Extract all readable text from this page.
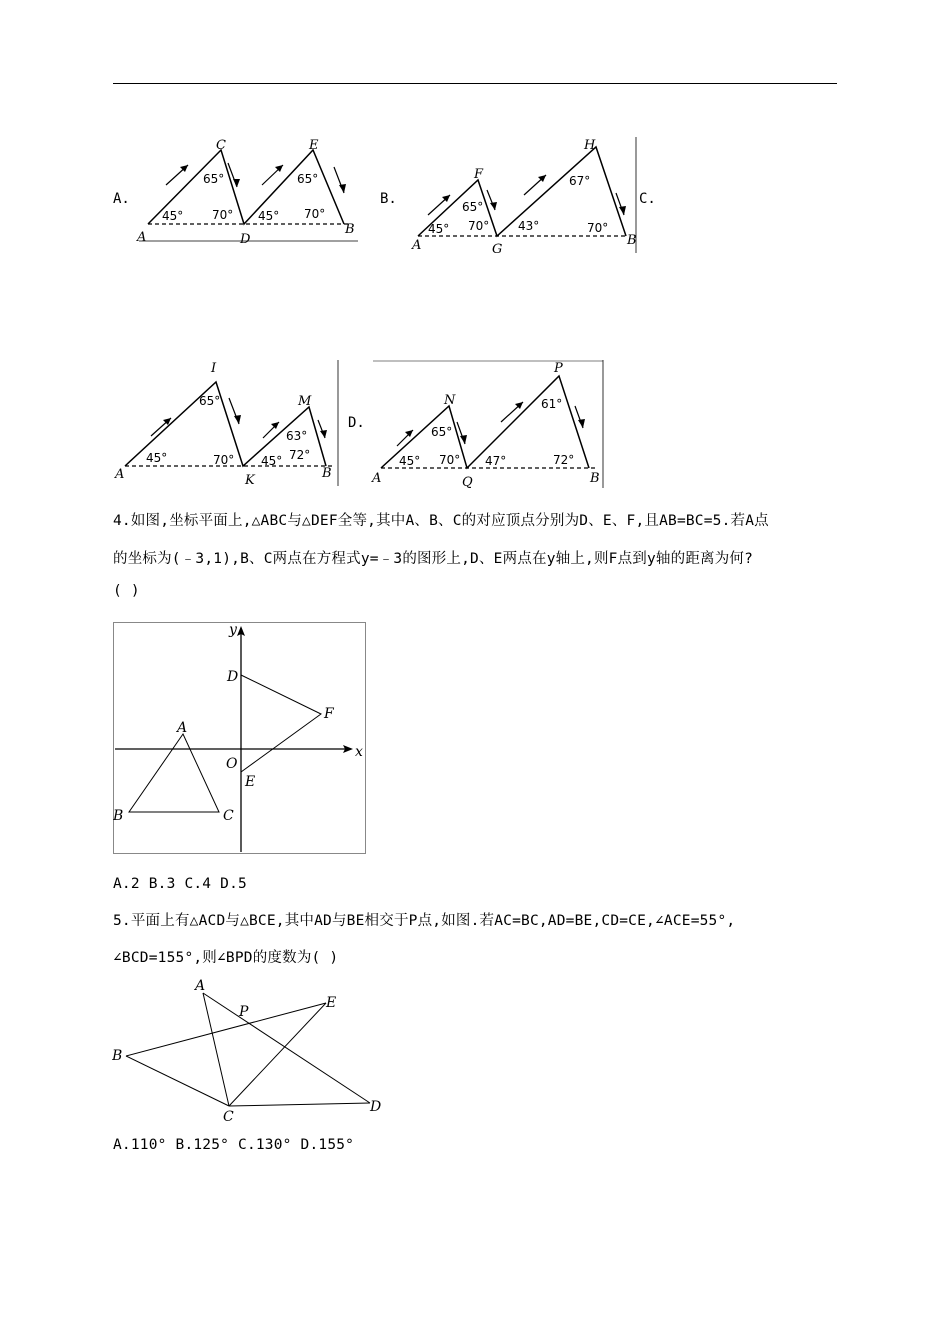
A.
A
C
D
E
B
45°
65°
70° 45°
65°
70°
B.
A
F
G
H
B
45°
65°
70° 43°
67°
70°
C.
A
I
K
M
B
45°
65°
70° 45°
63°
72°
D.
A
N
Q
P
B
45°
65°
70° 47°
61°
72°
4.如图,坐标平面上,△ABC与△DEF全等,其中A、B、C的对应顶点分别为D、E、F,且AB=BC=5.若A点
的坐标为(﹣3,1),B、C两点在方程式y=﹣3的图形上,D、E两点在y轴上,则F点到y轴的距离为何?
( )
y
x
D
F
A
O
E
B	C
A.2 B.3 C.4 D.5
5.平面上有△ACD与△BCE,其中AD与BE相交于P点,如图.若AC=BC,AD=BE,CD=CE,∠ACE=55°,
∠BCD=155°,则∠BPD的度数为( )
A
P
E
B
C
D
A.110° B.125° C.130° D.155°
